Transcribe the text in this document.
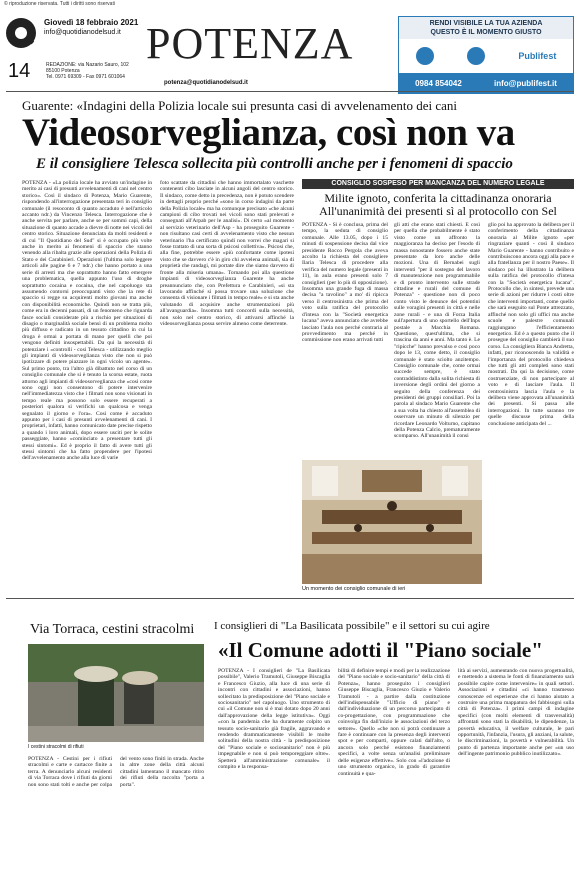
© riproduzione riservata. Tutti i diritti sono riservati
Giovedì 18 febbraio 2021
info@quotidianodelsud.it POTENZA
14	REDAZIONE: via Nazario Sauro, 102
85100 Potenza
Tel. 0971 69309 - Fax 0971 601064
potenza@quotidianodelsud.it
RENDI VISIBILE LA TUA AZIENDA
QUESTO È IL MOMENTO GIUSTO
Publifest
0984 854042	info@publifest.it
Guarente: «Indagini della Polizia locale sui presunta casi di avvelenamento dei cani
Videosorveglianza, così non va
E il consigliere Telesca sollecita più controlli anche per i fenomeni di spaccio
POTENZA - «La polizia locale ha avviato un'indagine in merito ai casi di presunti avvelenamenti di cani nel centro storico». Così il sindaco di Potenza, Mario Guarente, rispondendo all'interrogazione presentata teri in consiglio comunale (il resoconto di quanto accaduto è nell'articolo accanto ndr.) da Vincenzo Telesca. Interrogazione che è anche servita per parlare, anche se per sommi capi, della situazione di quanto accade a dievre di notte nei vicoli del centro storico. Situazione denunciata da molti residenti e di cui "Il Quotidiano del Sud" si è occupato più volte anche in merito ai fenomeni di spaccio che stanno venendo alla ribalta grazie alle operazioni della Polizia di Stato e dei Carabinieri. Operazioni (l'ultima solo leggere articoli alle pagine 6 e 7 ndr.) che hanno portato a una serie di arresti ma che soprattutto hanno fatto emergere una problematica, quella appunto l'uso di droghe soprattutto cocaina e cocaina, che nel capoluogo sta assumendo contorni preoccupanti visto che la rete di spaccio si regge su acquirenti molto giovani ma anche con disponibilità economiche. Quindi non se tratta più, come era in decenni passati, di un fenomeno che riguarda fasce sociali considerate più a rischio per situazioni di disagio o marginalità sociale bensì di un problema molto più diffuso e radicato in un tessuto cittadino in cui la droga è ormai a portata di mano per quelli che poi vengono definiti insospettabili. Da qui la necessità di potenziare i «controlli - così Telesca - utilizzando meglio gli impianti di videosorveglianza visto che non si può ipotizzare di potere piazzare in ogni vicolo un agente». Sul primo ponto, tra l'altro già dibattuto nel corso di un consiglio comunale che si è tenuto la scorsa estate, ruota attorno agli impianti di videosorveglianza che «così come sono oggi non consentono di potere intervenire nell'immediatezza visto che i filmati non sono visionati in tempo reale ma possono solo essere recuperati a posteriori qualora si verifichi un qualcosa e venga segnalato il giorno e l'ora». Così come è accaduto appunto per i casi di presunti avvelenamenti di cani. I proprietari, infatti, hanno comunicato date precise rispetto a quando i loro animali, dopo essere usciti per le solite passeggiate, hanno «cominciato a presentare tutti gli stessi sintomi». Ed è proprio il fatto di avere tutti gli stessi sintomi che ha fatto propendere per l'ipotesi dell'avvelenamento anche alla luce di varie
foto scattate da cittadini che hanno immortalato vaschette contenenti cibo lasciate in alcuni angoli del centro storico. Il sindaco, come detto in precedenza, non è potuto scendere in dettagli proprio perché «sono in corso indagini da parte della Polizia locale» ma ha comunque precisato «che alcuni campioni di cibo trovati nei vicoli sono stati prelevati e consegnati all'Arpab per le analisi». Di certo «al momento al servizio veterinario dell'Asp - ha proseguito Guarente - non risultano casi certi di avvelenamento visto che nessun veterinario l'ha certificato quindi non vorrei che magari si fosse trattato di una sorta di psicosi collettiva». Psicosi che, alla fine, potrebbe essere «più confortante come ipotesi visto che se davvero c'è in giro chi avvelena animali, sia di proprietà che randagi, mi portate dire che siamo davvero di fronte alla miseria umana». Tornando poi alla questione impianti di videosorveglianza Guarente ha anche preannunciato che, con Prefettura e Carabinieri, «si sta lavorando affinché si possa trovare una soluzione che consenta di visionare i filmati in tempo reale» e si sta anche valutando di acquisire anche strumentazioni più all'avanguardia». Insomma tutti concordi sulla necessità, non solo nel centro storico, di attivarsi affinché la videosorveglianza possa servire almeno come deterrente.
CONSIGLIO SOSPESO PER MANCANZA DEL NUMERO LEGALE
Milite ignoto, conferita la cittadinanza onoraria
All'unanimità dei presenti sì al protocollo con Sel
POTENZA - Si è conclusa, prima del tempo, la seduta di consiglio comunale. Alle 13.05, dopo i 15 minuti di sospensione decisa dal vice presidente Rocco Pergola che aveva accolto la richiesta del consigliere Ilaria Telesca di procedere alla verifica del numero legale (presenti in 11), in aula erano presenti solo 7 consiglieri (per lo più di opposizione). Insomma una grande fuga di massa decisa "a tavolino" a mo' di ripicca verso il centrosinistra che prima del voto sulla ratifica del protocollo d'intesa con la "Società energetica lucana" aveva annunciato che avrebbe lasciato l'aula non perché contraria al provvedimento ma perché in commissione non erano arrivati tutti
gli atti che erano stati chiesti. E così per quella che probabilmente è stato visto come un affronto la maggioranza ha deciso per l'esodo di massa nonostante fossero anche state presentate da loro anche delle mozioni. Una di Bernabei sugli interventi "per il sostegno del lavoro di manutenzione non programmabile e di pronto intervento sulle strade cittadine e rurali del comune di Potenza" - questione non di poco conto visto le denunce dei potentini sulle voragini presenti in città e nelle zone rurali - e una di Forza Italia sull'apertura di uno sportello dell'Inps postale a Macchia Romana. Questione, quest'ultima, che si trascina da anni e anni. Ma tanto è. Le "ripicche" hanno prevalso e così poco dopo le 13, come detto, il consiglio comunale è stato sciolto anzitempo. Consiglio comunale che, come ormai succede sempre, è stato contraddistinto dalla solita richiesta di inversione degli ordini del giorno a seguito della conferenza dei presidenti dei gruppi consiliari. Poi la parola al sindaco Mario Guarente che a sua volta ha chiesto all'assemblea di osservare un minuto di silenzio per ricordare Leonardo Volturno, capitano della Potenza Calcio, prematuramente scomparso. All'unanimità il consi
glio poi ha approvato la delibera per il conferimento della cittadinanza onoraria al Milite ignoto «per ringraziare quanti - così il sindaco Mario Guarente - hanno contribuito e contribuiscono ancora oggi alla pace e alla fratellanza per il nostro Paese». Il sindaco poi ha illustrato la delibera sulla ratifica del protocollo d'intesa con la "Società energetica lucana". Protocollo che, in sintesi, prevede una serie di azioni per ridurre i costi oltre che interventi importanti, come quello che sarà eseguito sul Ponte attrezzato, affinché non solo gli uffici ma anche scuole e palestre comunali raggiungano l'efficientamento energetico. Ed è a questo punto che il prosegue del consiglio cambierà il suo corso. La consigliera Bianca Andretta, infatti, pur riconoscendo la validità e l'importanza del protocollo chiedeva che tutti gli atti completi sono stati mostrati. Da qui la decisione, come costruenziate, di non partecipare al voto e di lasciare l'aula. Il centrosinistra lascia l'aula e la delibera viene approvata all'unanimità dei presenti. Si passa alle interrogazioni. In tutte saranno tre quelle discusse prima della conclusione anticipata del ...
Un momento dei consiglio comunale di ieri
Via Torraca, cestini stracolmi
I cestini stracolmi di rifiuti
POTENZA - Cestini per i rifiuti stracolmi e carte e cartacce finite a terra. A denunciarlo alcuni residenti di via Torraca dove i rifiuti da giorni non sono stati tolti e anche per colpa del vento sono finiti in strada. Anche in altre zone della città alcuni cittadini lamentano il mancato ritiro dei rifiuti della raccolta "porta a porta".
I consiglieri di "La Basilicata possibile" e il settori su cui agire
«Il Comune adotti il "Piano sociale"
POTENZA - I consiglieri de "La Basilicata possibile", Valerio Tramutoli, Giuseppe Biscaglia e Francesco Giuzio, alla luce di una serie di incontri con cittadini e associazioni, hanno sollecitato la predisposizione del "Piano sociale e sociosanitario" nel capoluogo. Uno strumento di cui «il Comune non si è mai dotato dopo 20 anni dall'approvazione della legge istitutiva». Oggi «con la pandemia che ha duramente colpito un tessuto socio-sanitario già fragile, aggravando e rendendo drammaticamente visibili le molte solitudini della nostra città - la predisposizione del "Piano sociale e sociosanitario" non è più impegnabile e non si può temporeggiare oltre». Spetterà all'amministrazione comunale» il compito e la responsa-
bilità di definire tempi e modi per la realizzazione del "Piano sociale e socio-sanitario" della città di Potenza», hanno proseguito i consiglieri Giuseppe Biscaglia, Francesco Giuzio e Valerio Tramutoli - a partire dalla costituzione dell'indispensabile "Ufficio di piano" e dall'individuazione di un percorso partecipato di co-progettazione, con programmazione che coinvolga fin dall'inizio le associazioni del terzo settore». Quello «che non si potrà continuare a fare è continuare con la presenza degli interventi spot e per comparti, oppure calati dall'alto, o ancora solo perché esistono finanziamenti specifici, a volte senza un'analisi preliminare delle esigenze effettive». Solo con «l'adozione di uno strumento organico, in grado di garantire continuità e qua-
lità ai servizi, aumentando con nuova progettualità, e mettendo a sistema le fonti di finanziamento sarà possibile capire come intervenire» in quali settori. Associazioni e cittadini «ci hanno trasmesso conoscenze ed esperienze che ci hanno aiutato a costruire una prima mappatura dei fabbisogni sulla città di Potenza». I primi campi di indagine specifici (con molti elementi di trasversalità) affrontati sono stati la disabilità, le dipendenze, la povertà educativa, il welfare culturale, le pari opportunità, l'infanzia, l'usura, gli anziani, la salute, le discriminazioni, la povertà e vulnerabilità. Un punto di partenza importante anche per «un uso dell'ingente patrimonio pubblico inutilizzato».
